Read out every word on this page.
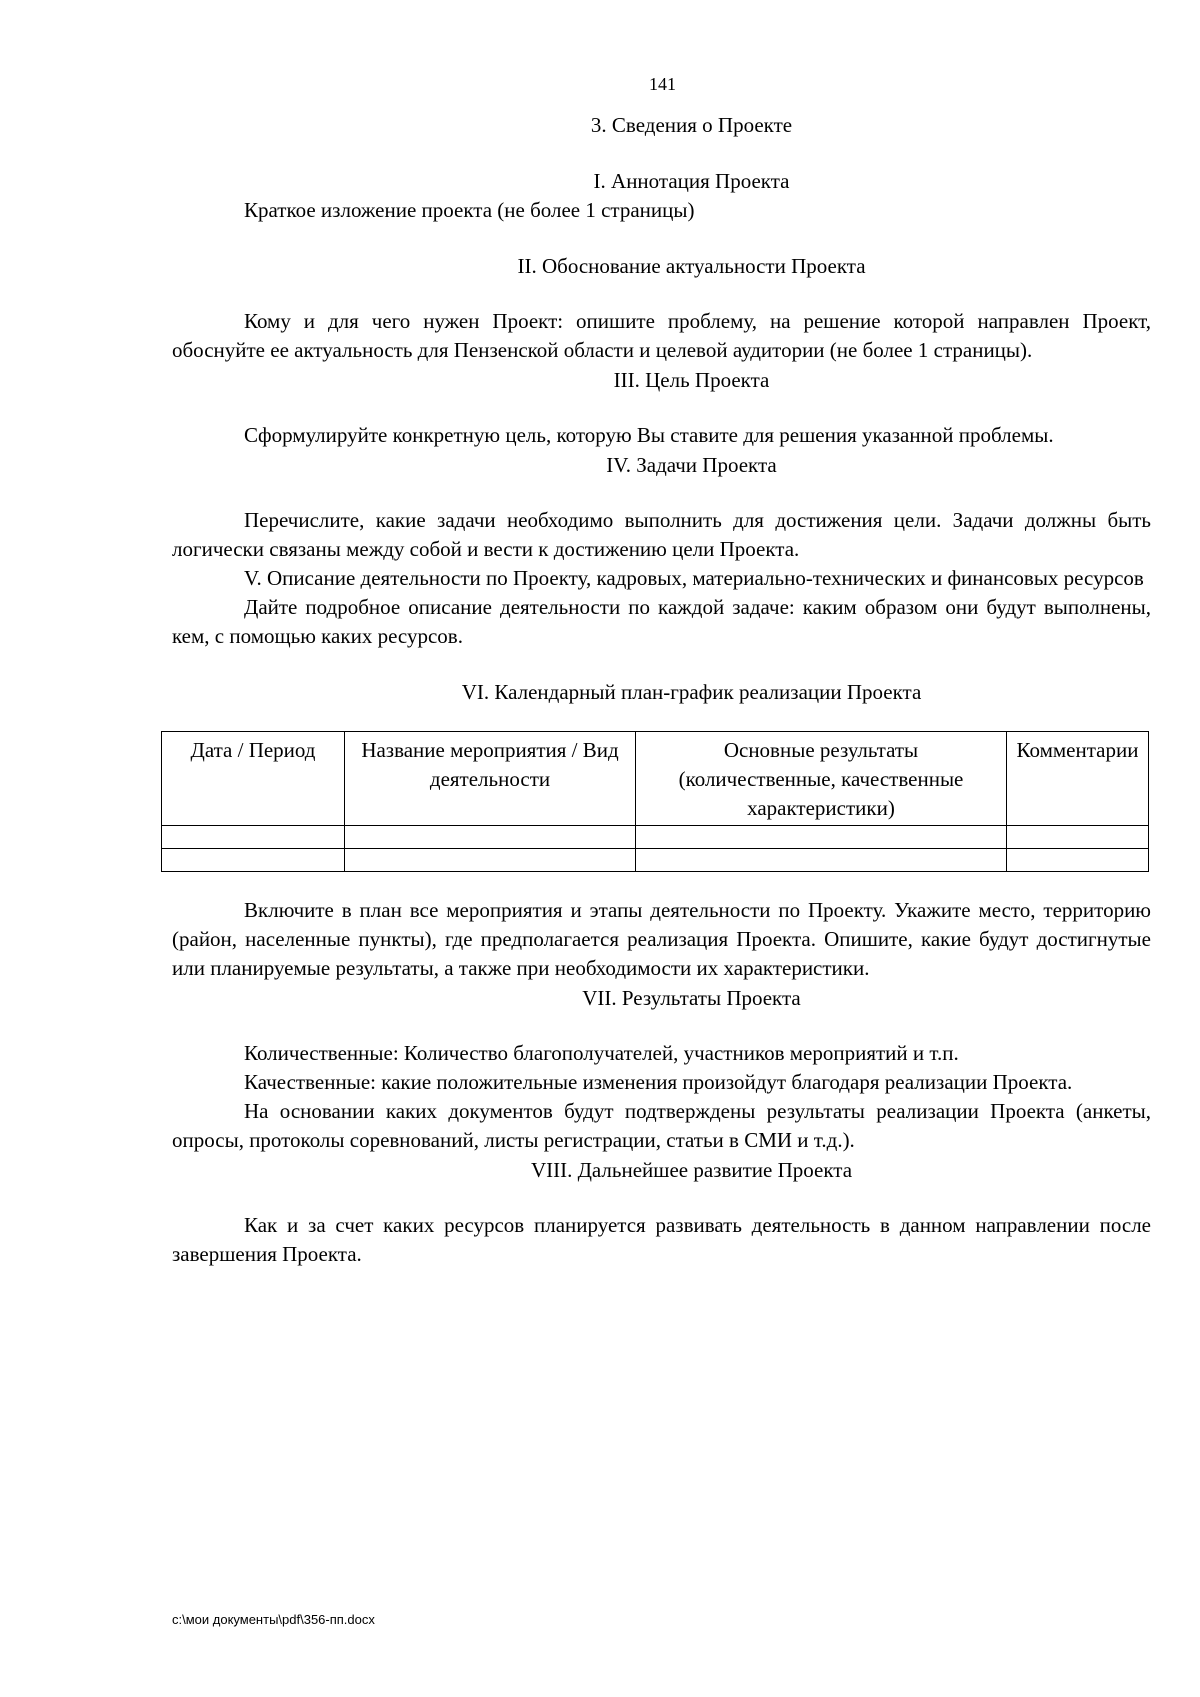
141

3. Сведения о Проекте

I. Аннотация Проекта

Краткое изложение проекта (не более 1 страницы)

II. Обоснование актуальности Проекта

Кому и для чего нужен Проект: опишите проблему, на решение которой направлен Проект, обоснуйте ее актуальность для Пензенской области и целевой аудитории (не более 1 страницы).

III. Цель Проекта

Сформулируйте конкретную цель, которую Вы ставите для решения указанной проблемы.

IV. Задачи Проекта

Перечислите, какие задачи необходимо выполнить для достижения цели. Задачи должны быть логически связаны между собой и вести к достижению цели Проекта.

V. Описание деятельности по Проекту, кадровых, материально-технических и финансовых ресурсов

Дайте подробное описание деятельности по каждой задаче: каким образом они будут выполнены, кем, с помощью каких ресурсов.

VI. Календарный план-график реализации Проекта

Дата / Период	Название мероприятия / Вид деятельности	Основные результаты (количественные, качественные характеристики)	Комментарии

Включите в план все мероприятия и этапы деятельности по Проекту. Укажите место, территорию (район, населенные пункты), где предполагается реализация Проекта. Опишите, какие будут достигнутые или планируемые результаты, а также при необходимости их характеристики.

VII. Результаты Проекта

Количественные: Количество благополучателей, участников мероприятий и т.п.

Качественные: какие положительные изменения произойдут благодаря реализации Проекта.

На основании каких документов будут подтверждены результаты реализации Проекта (анкеты, опросы, протоколы соревнований, листы регистрации, статьи в СМИ и т.д.).

VIII. Дальнейшее развитие Проекта

Как и за счет каких ресурсов планируется развивать деятельность в данном направлении после завершения Проекта.

c:\мои документы\pdf\356-пп.docx
